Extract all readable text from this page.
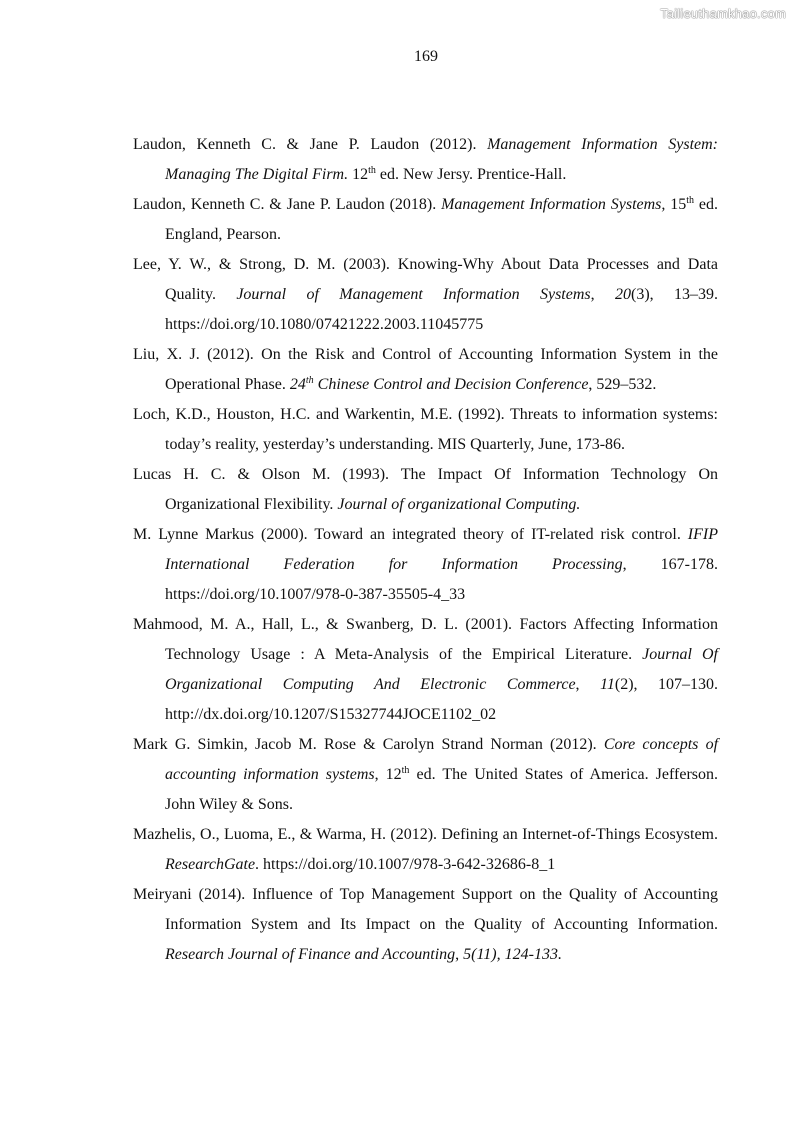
Tailieuthamkhao.com
169

Laudon, Kenneth C. & Jane P. Laudon (2012). Management Information System: Managing The Digital Firm. 12th ed. New Jersy. Prentice-Hall.

Laudon, Kenneth C. & Jane P. Laudon (2018). Management Information Systems, 15th ed. England, Pearson.

Lee, Y. W., & Strong, D. M. (2003). Knowing-Why About Data Processes and Data Quality. Journal of Management Information Systems, 20(3), 13–39. https://doi.org/10.1080/07421222.2003.11045775

Liu, X. J. (2012). On the Risk and Control of Accounting Information System in the Operational Phase. 24th Chinese Control and Decision Conference, 529–532.

Loch, K.D., Houston, H.C. and Warkentin, M.E. (1992). Threats to information systems: today’s reality, yesterday’s understanding. MIS Quarterly, June, 173-86.

Lucas H. C. & Olson M. (1993). The Impact Of Information Technology On Organizational Flexibility. Journal of organizational Computing.

M. Lynne Markus (2000). Toward an integrated theory of IT-related risk control. IFIP International Federation for Information Processing, 167-178. https://doi.org/10.1007/978-0-387-35505-4_33

Mahmood, M. A., Hall, L., & Swanberg, D. L. (2001). Factors Affecting Information Technology Usage : A Meta-Analysis of the Empirical Literature. Journal Of Organizational Computing And Electronic Commerce, 11(2), 107–130. http://dx.doi.org/10.1207/S15327744JOCE1102_02

Mark G. Simkin, Jacob M. Rose & Carolyn Strand Norman (2012). Core concepts of accounting information systems, 12th ed. The United States of America. Jefferson. John Wiley & Sons.

Mazhelis, O., Luoma, E., & Warma, H. (2012). Defining an Internet-of-Things Ecosystem. ResearchGate. https://doi.org/10.1007/978-3-642-32686-8_1

Meiryani (2014). Influence of Top Management Support on the Quality of Accounting Information System and Its Impact on the Quality of Accounting Information. Research Journal of Finance and Accounting, 5(11), 124-133.
